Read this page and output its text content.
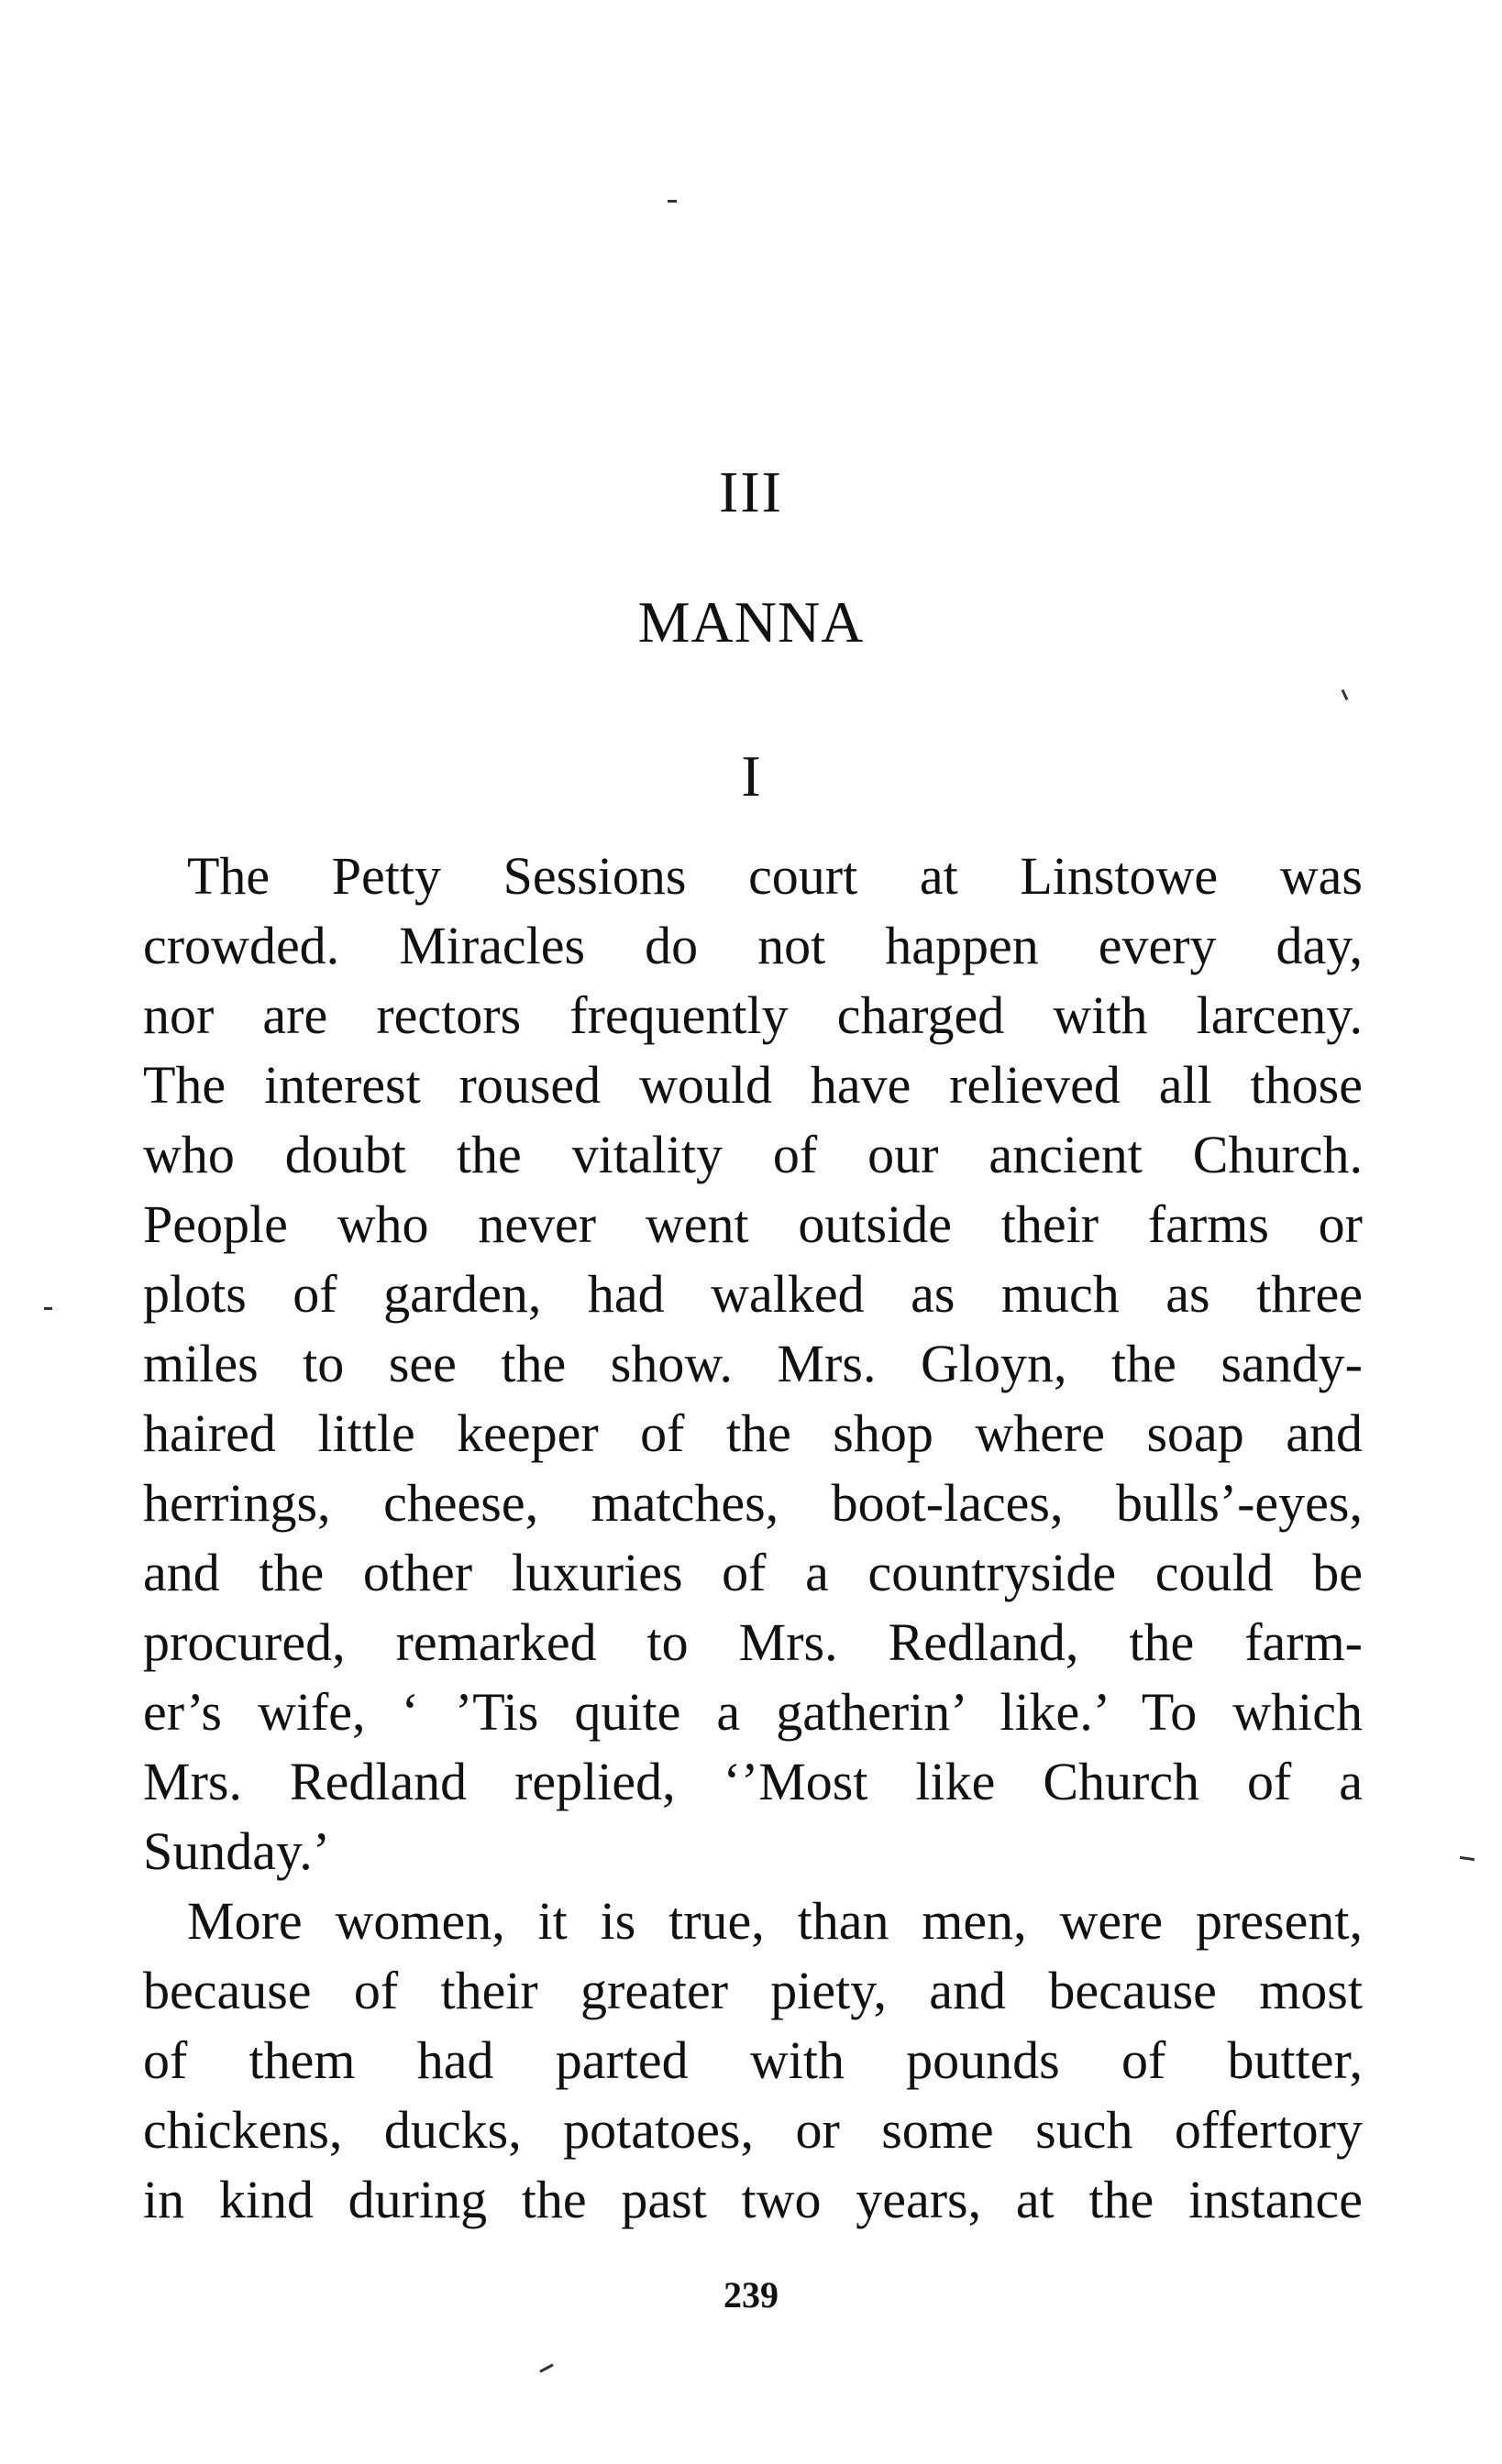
III
MANNA
I
The Petty Sessions court at Linstowe was
crowded. Miracles do not happen every day,
nor are rectors frequently charged with larceny.
The interest roused would have relieved all those
who doubt the vitality of our ancient Church.
People who never went outside their farms or
plots of garden, had walked as much as three
miles to see the show. Mrs. Gloyn, the sandy-
haired little keeper of the shop where soap and
herrings, cheese, matches, boot-laces, bulls’-eyes,
and the other luxuries of a countryside could be
procured, remarked to Mrs. Redland, the farm-
er’s wife, ‘ ’Tis quite a gatherin’ like.’ To which
Mrs. Redland replied, ‘’Most like Church of a
Sunday.’
More women, it is true, than men, were present,
because of their greater piety, and because most
of them had parted with pounds of butter,
chickens, ducks, potatoes, or some such offertory
in kind during the past two years, at the instance
239
